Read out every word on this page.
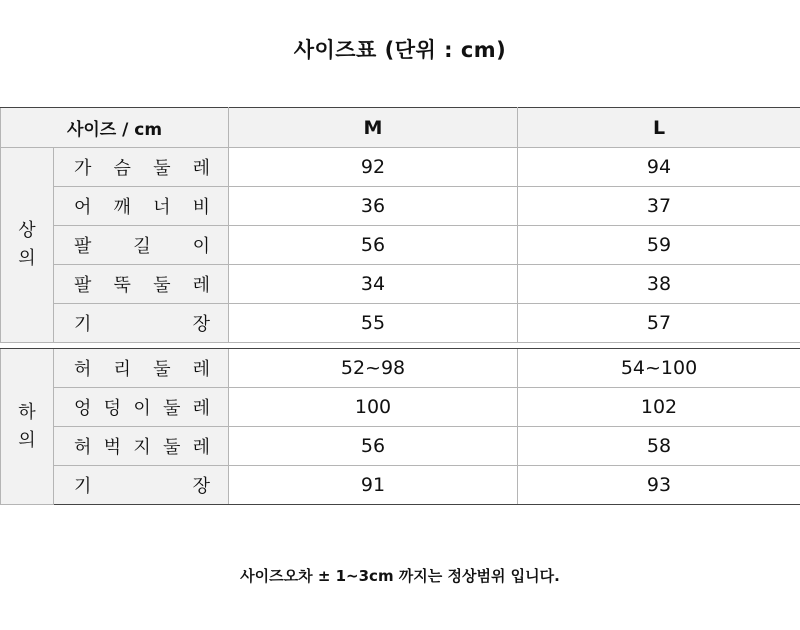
사이즈표 (단위 : cm)
사이즈 / cm		M	L

상
의	가 슴 둘 레	92	94

	어 깨 너 비	36	37

	팔 길 이	56	59

	팔 뚝 둘 레	34	38

	기 장	55	57

하
의	허 리 둘 레	52~98	54~100

	엉 덩 이 둘 레	100	102

	허 벅 지 둘 레	56	58

	기 장	91	93
사이즈오차 ± 1~3cm 까지는 정상범위 입니다.
